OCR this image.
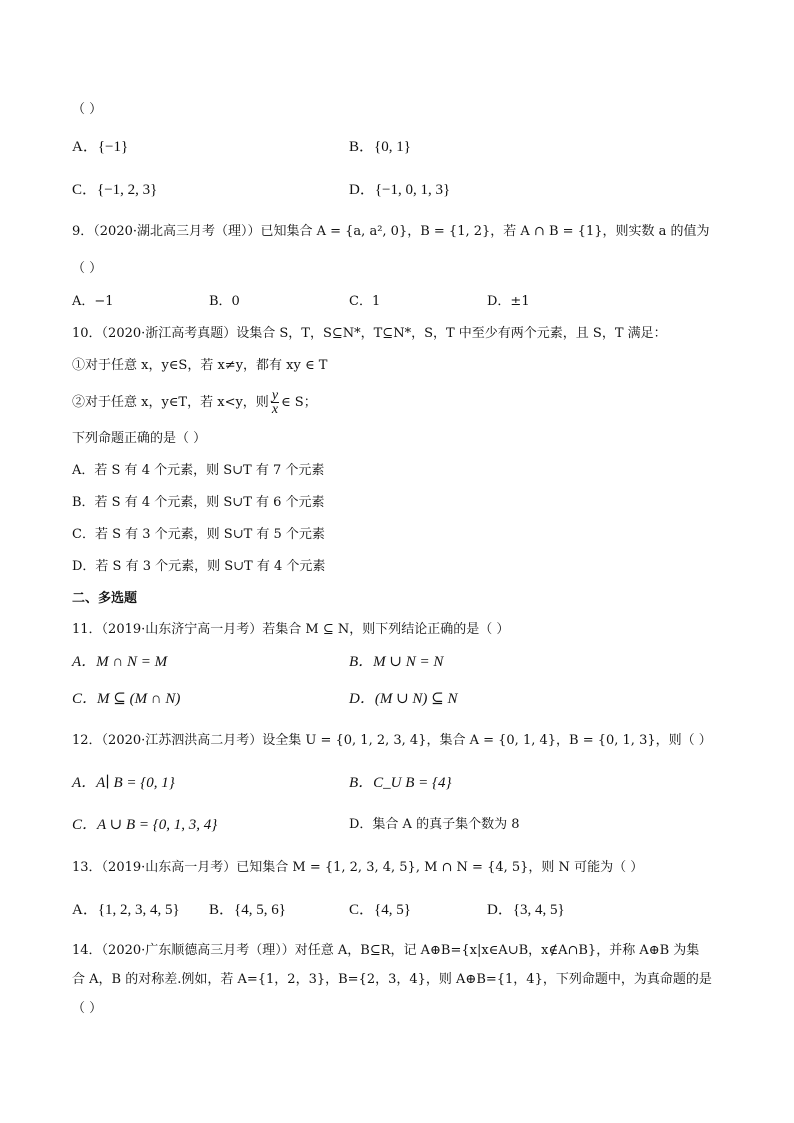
（ ）
A．{−1}	B．{0, 1}
C．{−1, 2, 3}	D．{−1, 0, 1, 3}
9．（2020·湖北高三月考（理））已知集合 A = {a, a², 0}，B = {1, 2}，若 A ∩ B = {1}，则实数 a 的值为
（ ）
A．−1	B．0	C．1	D．±1
10．（2020·浙江高考真题）设集合 S，T，S⊆N*，T⊆N*，S，T 中至少有两个元素，且 S，T 满足：
①对于任意 x，y∈S，若 x≠y，都有 xy ∈ T
②对于任意 x，y∈T，若 x<y，则 $\frac{y}{x}$ ∈ S；
下列命题正确的是（ ）
A．若 S 有 4 个元素，则 S∪T 有 7 个元素
B．若 S 有 4 个元素，则 S∪T 有 6 个元素
C．若 S 有 3 个元素，则 S∪T 有 5 个元素
D．若 S 有 3 个元素，则 S∪T 有 4 个元素
二、多选题
11．（2019·山东济宁高一月考）若集合 M ⊆ N，则下列结论正确的是（ ）
A．M ∩ N = M	B．M ∪ N = N
C．M ⊆ (M ∩ N)	D．(M ∪ N) ⊆ N
12．（2020·江苏泗洪高二月考）设全集 U = {0, 1, 2, 3, 4}，集合 A = {0, 1, 4}，B = {0, 1, 3}，则（ ）
A．A∣ B = {0, 1}	B．C_U B = {4}
C．A ∪ B = {0, 1, 3, 4}	D．集合 A 的真子集个数为 8
13．（2019·山东高一月考）已知集合 M = {1, 2, 3, 4, 5}, M ∩ N = {4, 5}，则 N 可能为（ ）
A．{1, 2, 3, 4, 5} B．{4, 5, 6}	C．{4, 5}	D．{3, 4, 5}
14．（2020·广东顺德高三月考（理））对任意 A，B⊆R，记 A⊕B={x|x∈A∪B，x∉A∩B}，并称 A⊕B 为集
合 A，B 的对称差.例如，若 A={1，2，3}，B={2，3，4}，则 A⊕B={1，4}，下列命题中，为真命题的是
（ ）
